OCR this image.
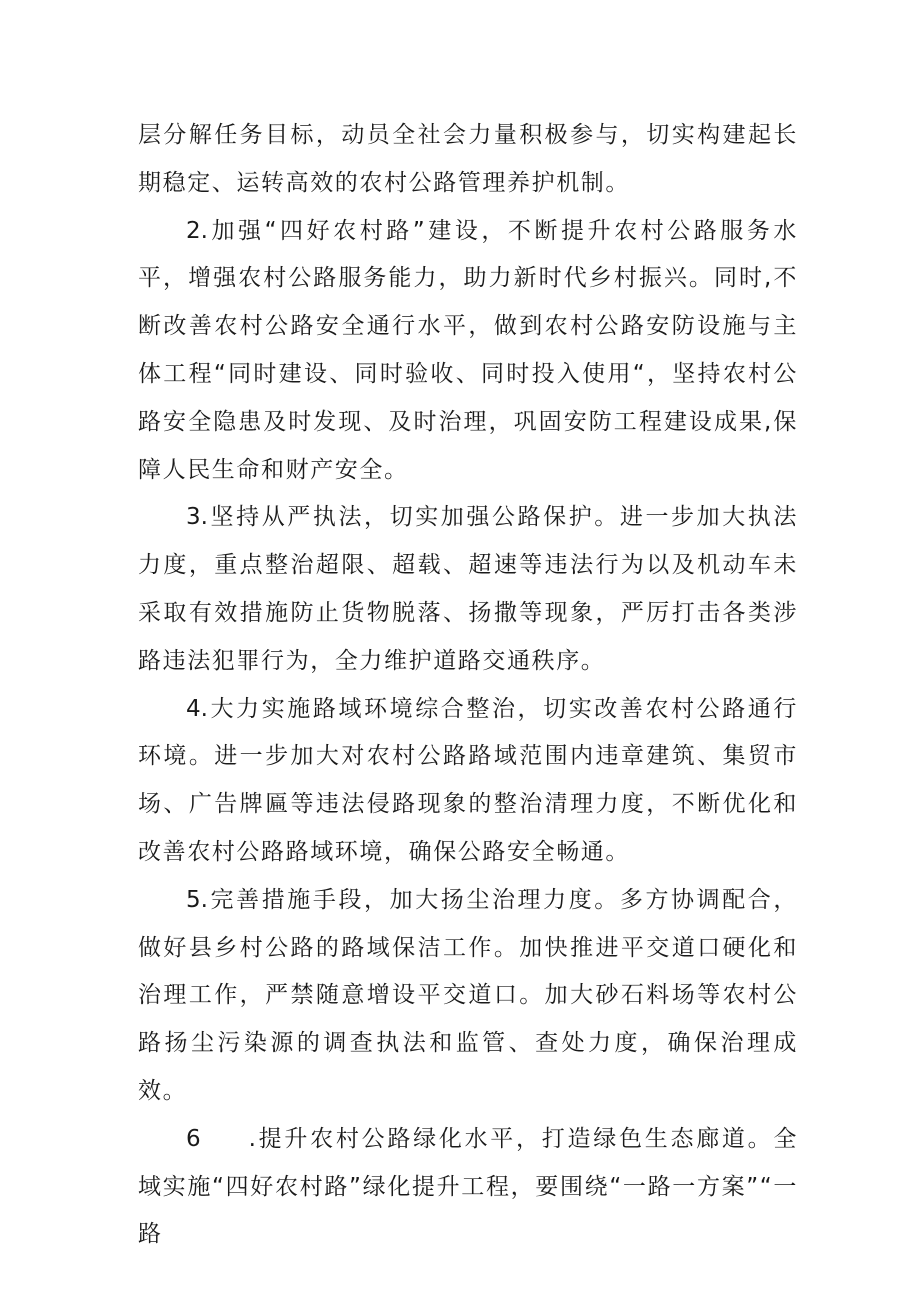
层分解任务目标，动员全社会力量积极参与，切实构建起长期稳定、运转高效的农村公路管理养护机制。

2.加强“四好农村路”建设，不断提升农村公路服务水平，增强农村公路服务能力，助力新时代乡村振兴。同时,不断改善农村公路安全通行水平，做到农村公路安防设施与主体工程“同时建设、同时验收、同时投入使用“，坚持农村公路安全隐患及时发现、及时治理，巩固安防工程建设成果,保障人民生命和财产安全。

3.坚持从严执法，切实加强公路保护。进一步加大执法力度，重点整治超限、超载、超速等违法行为以及机动车未采取有效措施防止货物脱落、扬撒等现象，严厉打击各类涉路违法犯罪行为，全力维护道路交通秩序。

4.大力实施路域环境综合整治，切实改善农村公路通行环境。进一步加大对农村公路路域范围内违章建筑、集贸市场、广告牌匾等违法侵路现象的整治清理力度，不断优化和改善农村公路路域环境，确保公路安全畅通。

5.完善措施手段，加大扬尘治理力度。多方协调配合，做好县乡村公路的路域保洁工作。加快推进平交道口硬化和治理工作，严禁随意增设平交道口。加大砂石料场等农村公路扬尘污染源的调查执法和监管、查处力度，确保治理成效。

6 .提升农村公路绿化水平，打造绿色生态廊道。全域实施“四好农村路”绿化提升工程，要围绕“一路一方案”“一路
